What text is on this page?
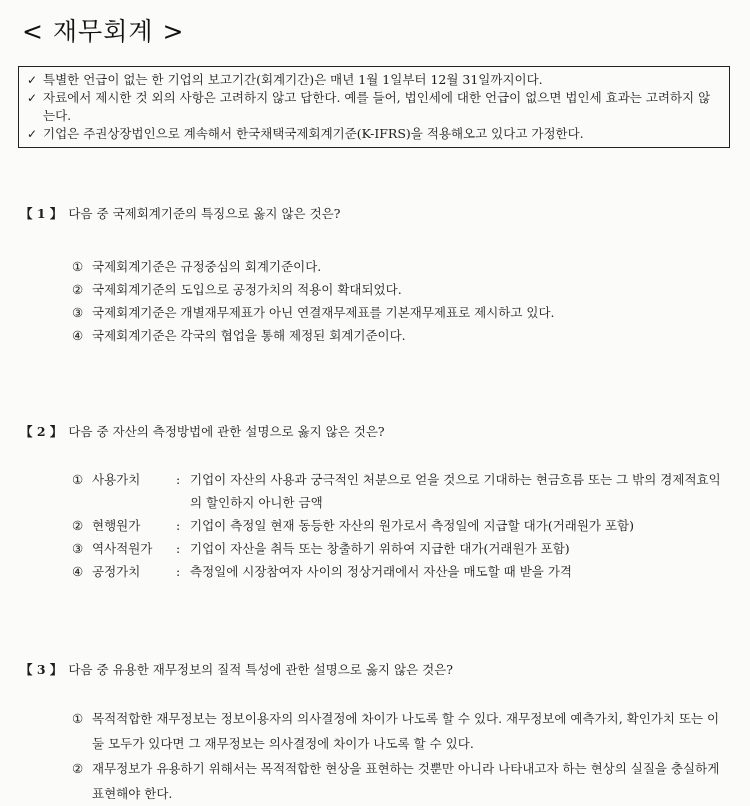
< 재무회계 >
✓ 특별한 언급이 없는 한 기업의 보고기간(회계기간)은 매년 1월 1일부터 12월 31일까지이다.
✓ 자료에서 제시한 것 외의 사항은 고려하지 않고 답한다. 예를 들어, 법인세에 대한 언급이 없으면 법인세 효과는 고려하지 않는다.
✓ 기업은 주권상장법인으로 계속해서 한국채택국제회계기준(K-IFRS)을 적용해오고 있다고 가정한다.
【 1 】 다음 중 국제회계기준의 특징으로 옳지 않은 것은?
① 국제회계기준은 규정중심의 회계기준이다.
② 국제회계기준의 도입으로 공정가치의 적용이 확대되었다.
③ 국제회계기준은 개별재무제표가 아닌 연결재무제표를 기본재무제표로 제시하고 있다.
④ 국제회계기준은 각국의 협업을 통해 제정된 회계기준이다.
【 2 】 다음 중 자산의 측정방법에 관한 설명으로 옳지 않은 것은?
① 사용가치	: 기업이 자산의 사용과 궁극적인 처분으로 얻을 것으로 기대하는 현금흐름 또는 그 밖의 경제적효익의 할인하지 아니한 금액
② 현행원가	: 기업이 측정일 현재 동등한 자산의 원가로서 측정일에 지급할 대가(거래원가 포함)
③ 역사적원가	: 기업이 자산을 취득 또는 창출하기 위하여 지급한 대가(거래원가 포함)
④ 공정가치	: 측정일에 시장참여자 사이의 정상거래에서 자산을 매도할 때 받을 가격
【 3 】 다음 중 유용한 재무정보의 질적 특성에 관한 설명으로 옳지 않은 것은?
① 목적적합한 재무정보는 정보이용자의 의사결정에 차이가 나도록 할 수 있다. 재무정보에 예측가치, 확인가치 또는 이 둘 모두가 있다면 그 재무정보는 의사결정에 차이가 나도록 할 수 있다.
② 재무정보가 유용하기 위해서는 목적적합한 현상을 표현하는 것뿐만 아니라 나타내고자 하는 현상의 실질을 충실하게 표현해야 한다.
